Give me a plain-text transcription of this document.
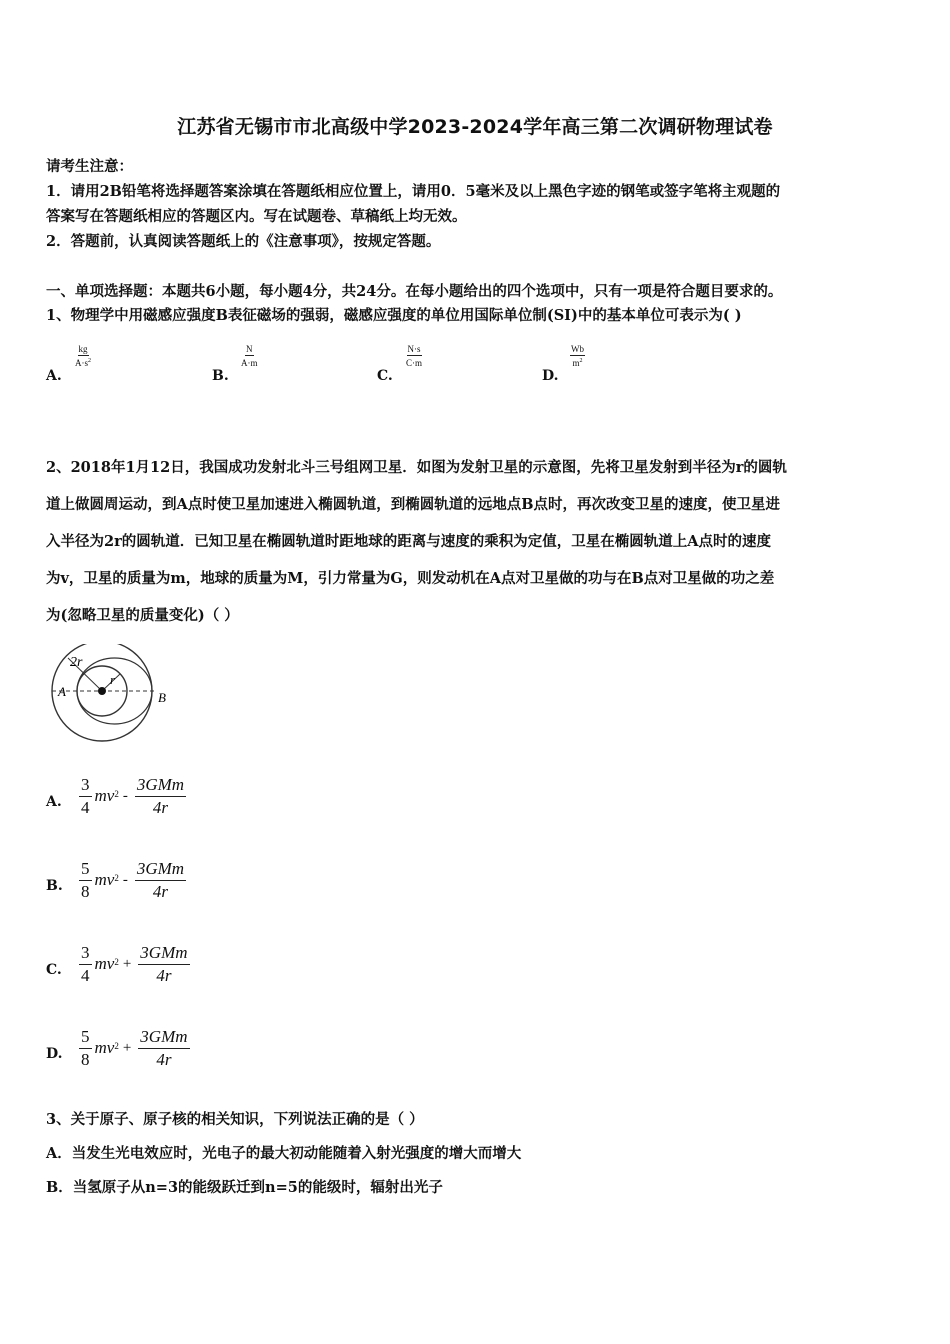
江苏省无锡市市北高级中学2023-2024学年高三第二次调研物理试卷
请考生注意：
1．请用2B铅笔将选择题答案涂填在答题纸相应位置上，请用0．5毫米及以上黑色字迹的钢笔或签字笔将主观题的
答案写在答题纸相应的答题区内。写在试题卷、草稿纸上均无效。
2．答题前，认真阅读答题纸上的《注意事项》，按规定答题。
一、单项选择题：本题共6小题，每小题4分，共24分。在每小题给出的四个选项中，只有一项是符合题目要求的。
1、物理学中用磁感应强度B表征磁场的强弱，磁感应强度的单位用国际单位制(SI)中的基本单位可表示为( )
A.
$\frac{kg}{A\cdot s^2}$
B.
$\frac{N}{A\cdot m}$
C.
$\frac{N\cdot s}{C\cdot m}$
D.
$\frac{Wb}{m^2}$
2、2018年1月12日，我国成功发射北斗三号组网卫星．如图为发射卫星的示意图，先将卫星发射到半径为r的圆轨
道上做圆周运动，到A点时使卫星加速进入椭圆轨道，到椭圆轨道的远地点B点时，再次改变卫星的速度，使卫星进
入半径为2r的圆轨道．已知卫星在椭圆轨道时距地球的距离与速度的乘积为定值，卫星在椭圆轨道上A点时的速度
为v，卫星的质量为m，地球的质量为M，引力常量为G，则发动机在A点对卫星做的功与在B点对卫星做的功之差
为(忽略卫星的质量变化)（ ）
2r
r
A	B
A. $\frac{3}{4}$ mv $2 - \frac{\text{3GMm}}{4r}$
B. $\frac{5}{8}$ mv $2 - \frac{\text{3GMm}}{4r}$
C. $\frac{3}{4}$ mv $2 + \frac{\text{3GMm}}{4r}$
D. $\frac{5}{8}$ mv $2 + \frac{\text{3GMm}}{4r}$
3、关于原子、原子核的相关知识，下列说法正确的是（ ）
A．当发生光电效应时，光电子的最大初动能随着入射光强度的增大而增大
B．当氢原子从n=3的能级跃迁到n=5的能级时，辐射出光子
